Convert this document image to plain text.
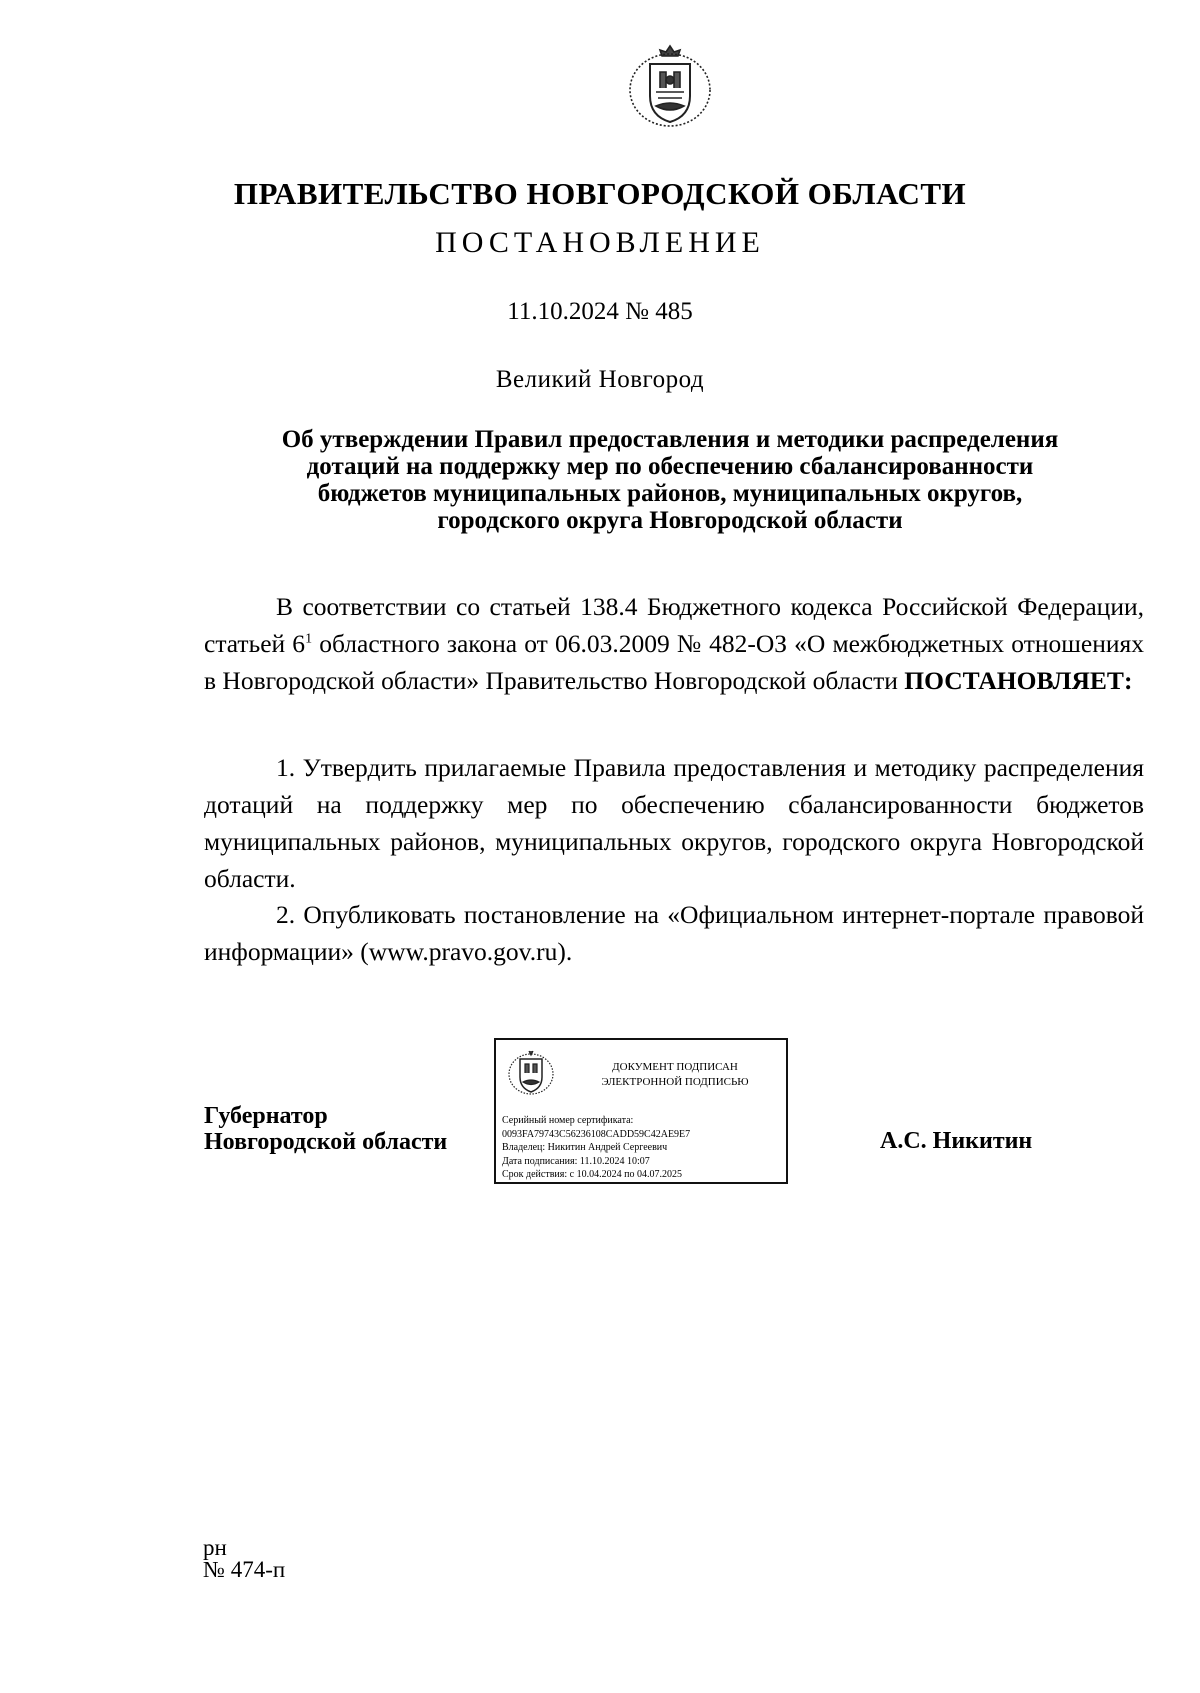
ПРАВИТЕЛЬСТВО НОВГОРОДСКОЙ ОБЛАСТИ
ПОСТАНОВЛЕНИЕ
11.10.2024 № 485
Великий Новгород
Об утверждении Правил предоставления и методики распределения
дотаций на поддержку мер по обеспечению сбалансированности
бюджетов муниципальных районов, муниципальных округов,
городского округа Новгородской области
В соответствии со статьей 138.4 Бюджетного кодекса Российской Федерации, статьей $6^1$ областного закона от 06.03.2009 № 482-ОЗ «О межбюджетных отношениях в Новгородской области» Правительство Новгородской области ПОСТАНОВЛЯЕТ:
1. Утвердить прилагаемые Правила предоставления и методику распределения дотаций на поддержку мер по обеспечению сбалансированности бюджетов муниципальных районов, муниципальных округов, городского округа Новгородской области.
2. Опубликовать постановление на «Официальном интернет-портале правовой информации» (www.pravo.gov.ru).
Губернатор
Новгородской области
ДОКУМЕНТ ПОДПИСАН
ЭЛЕКТРОННОЙ ПОДПИСЬЮ
Серийный номер сертификата:
0093FA79743C56236108CADD59C42AE9E7
Владелец: Никитин Андрей Сергеевич
Дата подписания: 11.10.2024 10:07
Срок действия: с 10.04.2024 по 04.07.2025
А.С. Никитин
рн
№ 474-п
